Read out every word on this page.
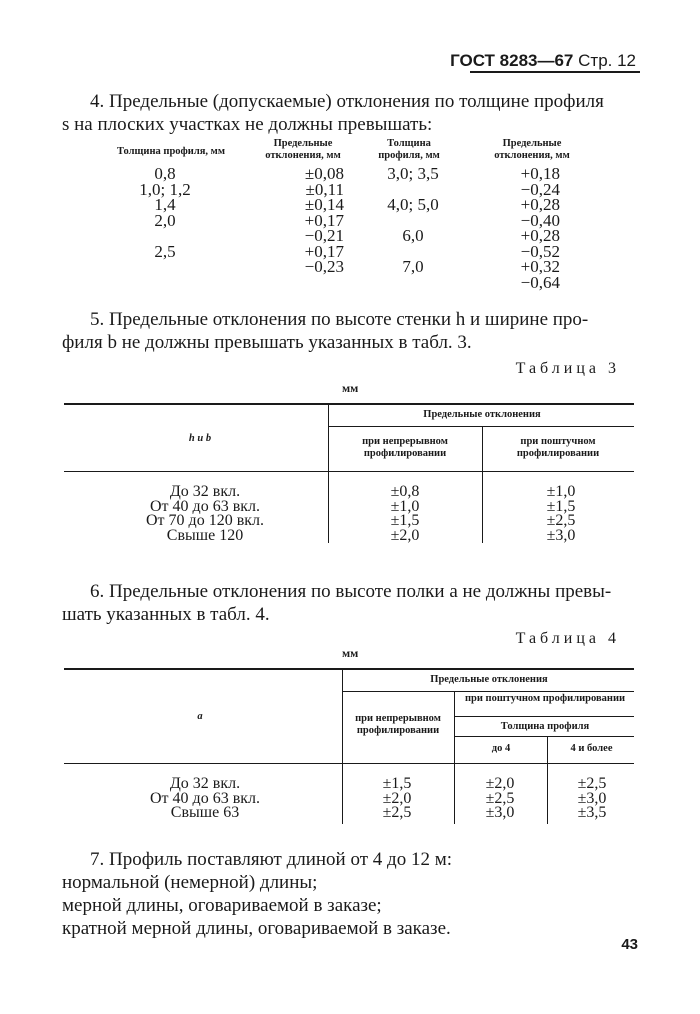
ГОСТ 8283—67 Стр. 12
4. Предельные (допускаемые) отклонения по толщине профиля
s на плоских участках не должны превышать:
Толщина профиля, мм
Предельные отклонения, мм
Толщина профиля, мм
Предельные отклонения, мм
0,8
1,0; 1,2
1,4
2,0
2,5
±0,08
±0,11
±0,14
+0,17
−0,21
+0,17
−0,23
3,0; 3,5
4,0; 5,0
6,0
7,0
+0,18
−0,24
+0,28
−0,40
+0,28
−0,52
+0,32
−0,64
5. Предельные отклонения по высоте стенки h и ширине про-
филя b не должны превышать указанных в табл. 3.
Таблица 3
мм
h и b
Предельные отклонения
при непрерывном профилировании
при поштучном профилировании
До 32 вкл.
От 40 до 63 вкл.
От 70 до 120 вкл.
Свыше 120
±0,8
±1,0
±1,5
±2,0
±1,0
±1,5
±2,5
±3,0
6. Предельные отклонения по высоте полки a не должны превы-
шать указанных в табл. 4.
Таблица 4
мм
a
Предельные отклонения
при непрерывном профилировании
при поштучном профилировании
Толщина профиля
до 4	4 и более
До 32 вкл.
От 40 до 63 вкл.
Свыше 63
±1,5
±2,0
±2,5
±2,0
±2,5
±3,0
±2,5
±3,0
±3,5
7. Профиль поставляют длиной от 4 до 12 м:
нормальной (немерной) длины;
мерной длины, оговариваемой в заказе;
кратной мерной длины, оговариваемой в заказе.
43
